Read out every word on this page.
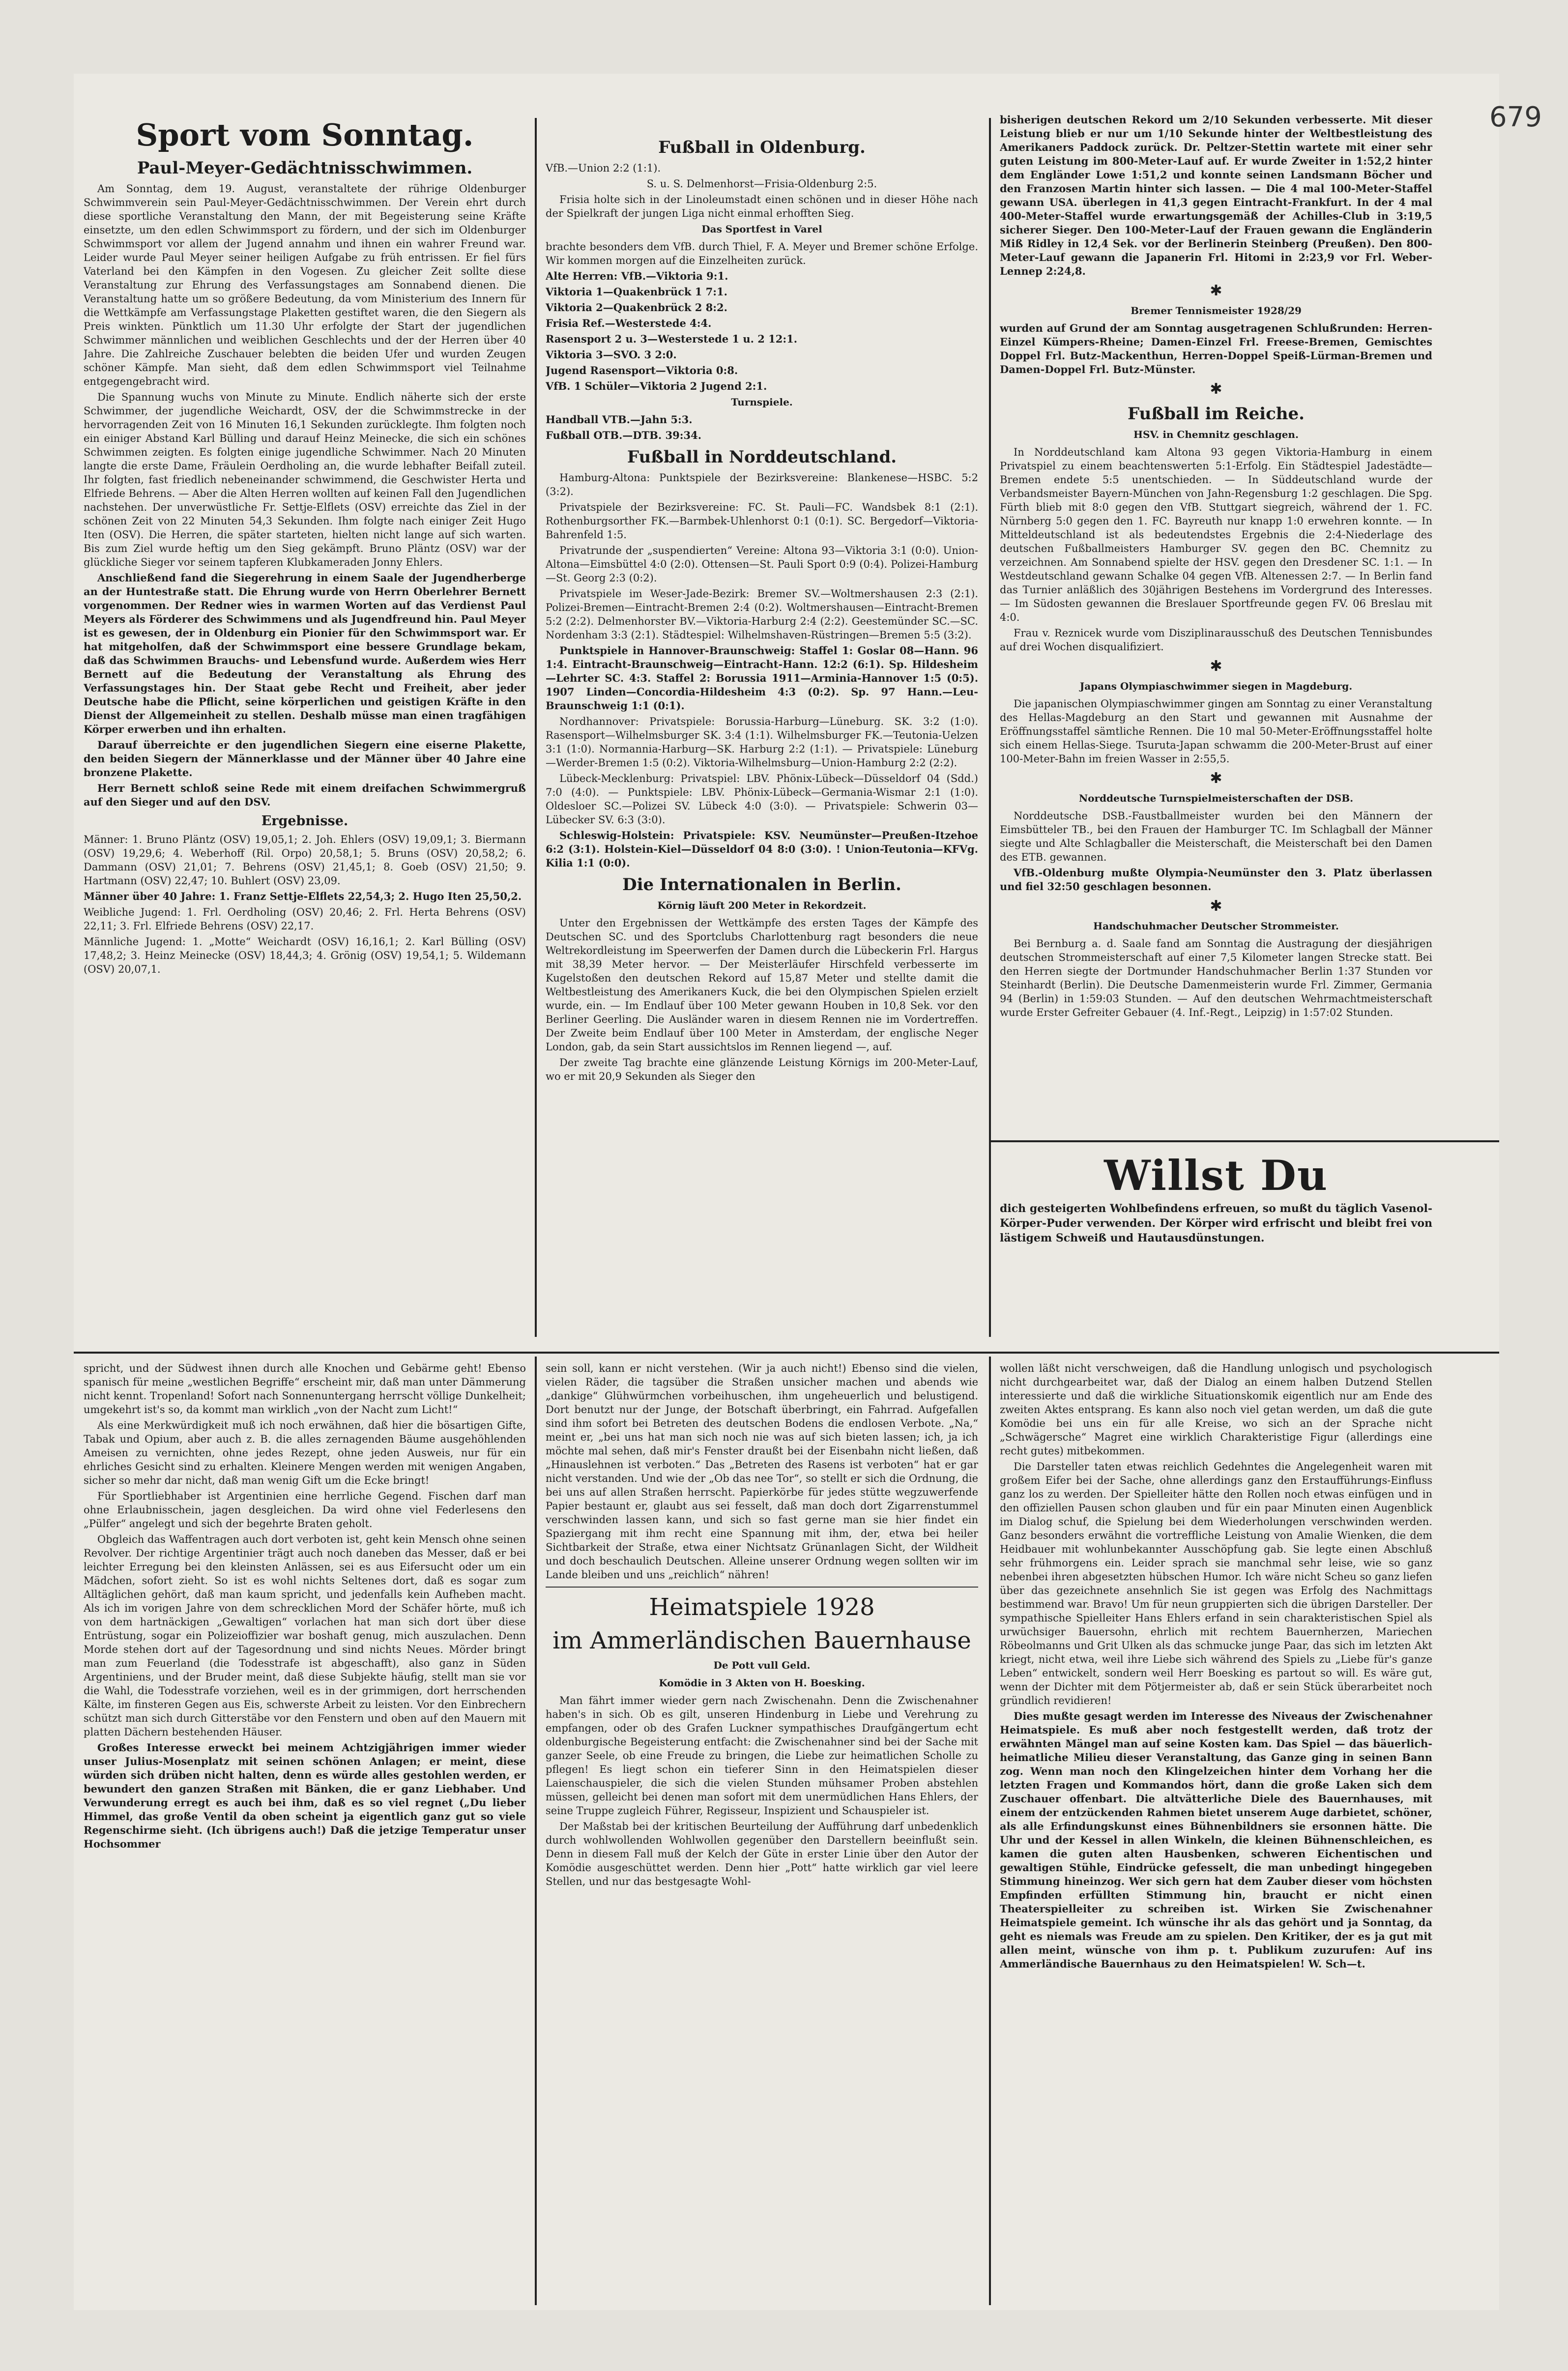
679
Sport vom Sonntag.
Paul-Meyer-Gedächtnisschwimmen.

Am Sonntag, dem 19. August, veranstaltete der rührige Oldenburger Schwimmverein sein Paul-Meyer-Gedächtnisschwimmen. Der Verein ehrt durch diese sportliche Veranstaltung den Mann, der mit Begeisterung seine Kräfte einsetzte, um den edlen Schwimmsport zu fördern, und der sich im Oldenburger Schwimmsport vor allem der Jugend annahm und ihnen ein wahrer Freund war. Leider wurde Paul Meyer seiner heiligen Aufgabe zu früh entrissen. Er fiel fürs Vaterland bei den Kämpfen in den Vogesen. Zu gleicher Zeit sollte diese Veranstaltung zur Ehrung des Verfassungstages am Sonnabend dienen. Die Veranstaltung hatte um so größere Bedeutung, da vom Ministerium des Innern für die Wettkämpfe am Verfassungstage Plaketten gestiftet waren, die den Siegern als Preis winkten. Pünktlich um 11.30 Uhr erfolgte der Start der jugendlichen Schwimmer männlichen und weiblichen Geschlechts und der der Herren über 40 Jahre. Die Zahlreiche Zuschauer belebten die beiden Ufer und wurden Zeugen schöner Kämpfe. Man sieht, daß dem edlen Schwimmsport viel Teilnahme entgegengebracht wird.

Die Spannung wuchs von Minute zu Minute. Endlich näherte sich der erste Schwimmer, der jugendliche Weichardt, OSV, der die Schwimmstrecke in der hervorragenden Zeit von 16 Minuten 16,1 Sekunden zurücklegte. Ihm folgten noch ein einiger Abstand Karl Bülling und darauf Heinz Meinecke, die sich ein schönes Schwimmen zeigten. Es folgten einige jugendliche Schwimmer. Nach 20 Minuten langte die erste Dame, Fräulein Oerdholing an, die wurde lebhafter Beifall zuteil. Ihr folgten, fast friedlich nebeneinander schwimmend, die Geschwister Herta und Elfriede Behrens. — Aber die Alten Herren wollten auf keinen Fall den Jugendlichen nachstehen. Der unverwüstliche Fr. Settje-Elflets (OSV) erreichte das Ziel in der schönen Zeit von 22 Minuten 54,3 Sekunden. Ihm folgte nach einiger Zeit Hugo Iten (OSV). Die Herren, die später starteten, hielten nicht lange auf sich warten. Bis zum Ziel wurde heftig um den Sieg gekämpft. Bruno Pläntz (OSV) war der glückliche Sieger vor seinem tapferen Klubkameraden Jonny Ehlers.

Anschließend fand die Siegerehrung in einem Saale der Jugendherberge an der Huntestraße statt. Die Ehrung wurde von Herrn Oberlehrer Bernett vorgenommen. Der Redner wies in warmen Worten auf das Verdienst Paul Meyers als Förderer des Schwimmens und als Jugendfreund hin. Paul Meyer ist es gewesen, der in Oldenburg ein Pionier für den Schwimmsport war. Er hat mitgeholfen, daß der Schwimmsport eine bessere Grundlage bekam, daß das Schwimmen Brauchs- und Lebensfund wurde. Außerdem wies Herr Bernett auf die Bedeutung der Veranstaltung als Ehrung des Verfassungstages hin. Der Staat gebe Recht und Freiheit, aber jeder Deutsche habe die Pflicht, seine körperlichen und geistigen Kräfte in den Dienst der Allgemeinheit zu stellen. Deshalb müsse man einen tragfähigen Körper erwerben und ihn erhalten.

Darauf überreichte er den jugendlichen Siegern eine eiserne Plakette, den beiden Siegern der Männerklasse und der Männer über 40 Jahre eine bronzene Plakette.

Herr Bernett schloß seine Rede mit einem dreifachen Schwimmergruß auf den Sieger und auf den DSV.

Ergebnisse.

Männer: 1. Bruno Pläntz (OSV) 19,05,1; 2. Joh. Ehlers (OSV) 19,09,1; 3. Biermann (OSV) 19,29,6; 4. Weberhoff (Ril. Orpo) 20,58,1; 5. Bruns (OSV) 20,58,2; 6. Dammann (OSV) 21,01; 7. Behrens (OSV) 21,45,1; 8. Goeb (OSV) 21,50; 9. Hartmann (OSV) 22,47; 10. Buhlert (OSV) 23,09.

Männer über 40 Jahre: 1. Franz Settje-Elflets 22,54,3; 2. Hugo Iten 25,50,2.

Weibliche Jugend: 1. Frl. Oerdholing (OSV) 20,46; 2. Frl. Herta Behrens (OSV) 22,11; 3. Frl. Elfriede Behrens (OSV) 22,17.

Männliche Jugend: 1. „Motte“ Weichardt (OSV) 16,16,1; 2. Karl Bülling (OSV) 17,48,2; 3. Heinz Meinecke (OSV) 18,44,3; 4. Grönig (OSV) 19,54,1; 5. Wildemann (OSV) 20,07,1.

Fußball in Oldenburg.

VfB.—Union 2:2 (1:1).

S. u. S. Delmenhorst—Frisia-Oldenburg 2:5.

Frisia holte sich in der Linoleumstadt einen schönen und in dieser Höhe nach der Spielkraft der jungen Liga nicht einmal erhofften Sieg.

Das Sportfest in Varel

brachte besonders dem VfB. durch Thiel, F. A. Meyer und Bremer schöne Erfolge. Wir kommen morgen auf die Einzelheiten zurück.

Alte Herren: VfB.—Viktoria 9:1.

Viktoria 1—Quakenbrück 1 7:1.

Viktoria 2—Quakenbrück 2 8:2.

Frisia Ref.—Westerstede 4:4.

Rasensport 2 u. 3—Westerstede 1 u. 2 12:1.

Viktoria 3—SVO. 3 2:0.

Jugend Rasensport—Viktoria 0:8.

VfB. 1 Schüler—Viktoria 2 Jugend 2:1.

Turnspiele.

Handball VTB.—Jahn 5:3.

Fußball OTB.—DTB. 39:34.

Fußball in Norddeutschland.

Hamburg-Altona: Punktspiele der Bezirksvereine: Blankenese—HSBC. 5:2 (3:2).

Privatspiele der Bezirksvereine: FC. St. Pauli—FC. Wandsbek 8:1 (2:1). Rothenburgsorther FK.—Barmbek-Uhlenhorst 0:1 (0:1). SC. Bergedorf—Viktoria-Bahrenfeld 1:5.

Privatrunde der „suspendierten“ Vereine: Altona 93—Viktoria 3:1 (0:0). Union-Altona—Eimsbüttel 4:0 (2:0). Ottensen—St. Pauli Sport 0:9 (0:4). Polizei-Hamburg—St. Georg 2:3 (0:2).

Privatspiele im Weser-Jade-Bezirk: Bremer SV.—Woltmershausen 2:3 (2:1). Polizei-Bremen—Eintracht-Bremen 2:4 (0:2). Woltmershausen—Eintracht-Bremen 5:2 (2:2). Delmenhorster BV.—Viktoria-Harburg 2:4 (2:2). Geestemünder SC.—SC. Nordenham 3:3 (2:1). Städtespiel: Wilhelmshaven-Rüstringen—Bremen 5:5 (3:2).

Punktspiele in Hannover-Braunschweig: Staffel 1: Goslar 08—Hann. 96 1:4. Eintracht-Braunschweig—Eintracht-Hann. 12:2 (6:1). Sp. Hildesheim—Lehrter SC. 4:3. Staffel 2: Borussia 1911—Arminia-Hannover 1:5 (0:5). 1907 Linden—Concordia-Hildesheim 4:3 (0:2). Sp. 97 Hann.—Leu-Braunschweig 1:1 (0:1).

Nordhannover: Privatspiele: Borussia-Harburg—Lüneburg. SK. 3:2 (1:0). Rasensport—Wilhelmsburger SK. 3:4 (1:1). Wilhelmsburger FK.—Teutonia-Uelzen 3:1 (1:0). Normannia-Harburg—SK. Harburg 2:2 (1:1). — Privatspiele: Lüneburg—Werder-Bremen 1:5 (0:2). Viktoria-Wilhelmsburg—Union-Hamburg 2:2 (2:2).

Lübeck-Mecklenburg: Privatspiel: LBV. Phönix-Lübeck—Düsseldorf 04 (Sdd.) 7:0 (4:0). — Punktspiele: LBV. Phönix-Lübeck—Germania-Wismar 2:1 (1:0). Oldesloer SC.—Polizei SV. Lübeck 4:0 (3:0). — Privatspiele: Schwerin 03—Lübecker SV. 6:3 (3:0).

Schleswig-Holstein: Privatspiele: KSV. Neumünster—Preußen-Itzehoe 6:2 (3:1). Holstein-Kiel—Düsseldorf 04 8:0 (3:0). ! Union-Teutonia—KFVg. Kilia 1:1 (0:0).

Die Internationalen in Berlin.
Körnig läuft 200 Meter in Rekordzeit.

Unter den Ergebnissen der Wettkämpfe des ersten Tages der Kämpfe des Deutschen SC. und des Sportclubs Charlottenburg ragt besonders die neue Weltrekordleistung im Speerwerfen der Damen durch die Lübeckerin Frl. Hargus mit 38,39 Meter hervor. — Der Meisterläufer Hirschfeld verbesserte im Kugelstoßen den deutschen Rekord auf 15,87 Meter und stellte damit die Weltbestleistung des Amerikaners Kuck, die bei den Olympischen Spielen erzielt wurde, ein. — Im Endlauf über 100 Meter gewann Houben in 10,8 Sek. vor den Berliner Geerling. Die Ausländer waren in diesem Rennen nie im Vordertreffen. Der Zweite beim Endlauf über 100 Meter in Amsterdam, der englische Neger London, gab, da sein Start aussichtslos im Rennen liegend —, auf.

Der zweite Tag brachte eine glänzende Leistung Körnigs im 200-Meter-Lauf, wo er mit 20,9 Sekunden als Sieger den

bisherigen deutschen Rekord um 2/10 Sekunden verbesserte. Mit dieser Leistung blieb er nur um 1/10 Sekunde hinter der Weltbestleistung des Amerikaners Paddock zurück. Dr. Peltzer-Stettin wartete mit einer sehr guten Leistung im 800-Meter-Lauf auf. Er wurde Zweiter in 1:52,2 hinter dem Engländer Lowe 1:51,2 und konnte seinen Landsmann Böcher und den Franzosen Martin hinter sich lassen. — Die 4 mal 100-Meter-Staffel gewann USA. überlegen in 41,3 gegen Eintracht-Frankfurt. In der 4 mal 400-Meter-Staffel wurde erwartungsgemäß der Achilles-Club in 3:19,5 sicherer Sieger. Den 100-Meter-Lauf der Frauen gewann die Engländerin Miß Ridley in 12,4 Sek. vor der Berlinerin Steinberg (Preußen). Den 800-Meter-Lauf gewann die Japanerin Frl. Hitomi in 2:23,9 vor Frl. Weber-Lennep 2:24,8.

✱
Bremer Tennismeister 1928/29

wurden auf Grund der am Sonntag ausgetragenen Schlußrunden: Herren-Einzel Kümpers-Rheine; Damen-Einzel Frl. Freese-Bremen, Gemischtes Doppel Frl. Butz-Mackenthun, Herren-Doppel Speiß-Lürman-Bremen und Damen-Doppel Frl. Butz-Münster.

✱
Fußball im Reiche.
HSV. in Chemnitz geschlagen.

In Norddeutschland kam Altona 93 gegen Viktoria-Hamburg in einem Privatspiel zu einem beachtenswerten 5:1-Erfolg. Ein Städtespiel Jadestädte—Bremen endete 5:5 unentschieden. — In Süddeutschland wurde der Verbandsmeister Bayern-München von Jahn-Regensburg 1:2 geschlagen. Die Spg. Fürth blieb mit 8:0 gegen den VfB. Stuttgart siegreich, während der 1. FC. Nürnberg 5:0 gegen den 1. FC. Bayreuth nur knapp 1:0 erwehren konnte. — In Mitteldeutschland ist als bedeutendstes Ergebnis die 2:4-Niederlage des deutschen Fußballmeisters Hamburger SV. gegen den BC. Chemnitz zu verzeichnen. Am Sonnabend spielte der HSV. gegen den Dresdener SC. 1:1. — In Westdeutschland gewann Schalke 04 gegen VfB. Altenessen 2:7. — In Berlin fand das Turnier anläßlich des 30jährigen Bestehens im Vordergrund des Interesses. — Im Südosten gewannen die Breslauer Sportfreunde gegen FV. 06 Breslau mit 4:0.

Frau v. Reznicek wurde vom Disziplinarausschuß des Deutschen Tennisbundes auf drei Wochen disqualifiziert.

✱
Japans Olympiaschwimmer siegen in Magdeburg.

Die japanischen Olympiaschwimmer gingen am Sonntag zu einer Veranstaltung des Hellas-Magdeburg an den Start und gewannen mit Ausnahme der Eröffnungsstaffel sämtliche Rennen. Die 10 mal 50-Meter-Eröffnungsstaffel holte sich einem Hellas-Siege. Tsuruta-Japan schwamm die 200-Meter-Brust auf einer 100-Meter-Bahn im freien Wasser in 2:55,5.

✱
Norddeutsche Turnspielmeisterschaften der DSB.

Norddeutsche DSB.-Faustballmeister wurden bei den Männern der Eimsbütteler TB., bei den Frauen der Hamburger TC. Im Schlagball der Männer siegte und Alte Schlagballer die Meisterschaft, die Meisterschaft bei den Damen des ETB. gewannen.

VfB.-Oldenburg mußte Olympia-Neumünster den 3. Platz überlassen und fiel 32:50 geschlagen besonnen.

✱
Handschuhmacher Deutscher Strommeister.

Bei Bernburg a. d. Saale fand am Sonntag die Austragung der diesjährigen deutschen Strommeisterschaft auf einer 7,5 Kilometer langen Strecke statt. Bei den Herren siegte der Dortmunder Handschuhmacher Berlin 1:37 Stunden vor Steinhardt (Berlin). Die Deutsche Damenmeisterin wurde Frl. Zimmer, Germania 94 (Berlin) in 1:59:03 Stunden. — Auf den deutschen Wehrmachtmeisterschaft wurde Erster Gefreiter Gebauer (4. Inf.-Regt., Leipzig) in 1:57:02 Stunden.

Willst Du

dich gesteigerten Wohlbefindens erfreuen, so mußt du täglich Vasenol-Körper-Puder verwenden. Der Körper wird erfrischt und bleibt frei von lästigem Schweiß und Hautausdünstungen.

spricht, und der Südwest ihnen durch alle Knochen und Gebärme geht! Ebenso spanisch für meine „westlichen Begriffe“ erscheint mir, daß man unter Dämmerung nicht kennt. Tropenland! Sofort nach Sonnenuntergang herrscht völlige Dunkelheit; umgekehrt ist's so, da kommt man wirklich „von der Nacht zum Licht!“

Als eine Merkwürdigkeit muß ich noch erwähnen, daß hier die bösartigen Gifte, Tabak und Opium, aber auch z. B. die alles zernagenden Bäume ausgehöhlenden Ameisen zu vernichten, ohne jedes Rezept, ohne jeden Ausweis, nur für ein ehrliches Gesicht sind zu erhalten. Kleinere Mengen werden mit wenigen Angaben, sicher so mehr dar nicht, daß man wenig Gift um die Ecke bringt!

Für Sportliebhaber ist Argentinien eine herrliche Gegend. Fischen darf man ohne Erlaubnisschein, jagen desgleichen. Da wird ohne viel Federlesens den „Pülfer“ angelegt und sich der begehrte Braten geholt.

Obgleich das Waffentragen auch dort verboten ist, geht kein Mensch ohne seinen Revolver. Der richtige Argentinier trägt auch noch daneben das Messer, daß er bei leichter Erregung bei den kleinsten Anlässen, sei es aus Eifersucht oder um ein Mädchen, sofort zieht. So ist es wohl nichts Seltenes dort, daß es sogar zum Alltäglichen gehört, daß man kaum spricht, und jedenfalls kein Aufheben macht. Als ich im vorigen Jahre von dem schrecklichen Mord der Schäfer hörte, muß ich von dem hartnäckigen „Gewaltigen“ vorlachen hat man sich dort über diese Entrüstung, sogar ein Polizeioffizier war boshaft genug, mich auszulachen. Denn Morde stehen dort auf der Tagesordnung und sind nichts Neues. Mörder bringt man zum Feuerland (die Todesstrafe ist abgeschafft), also ganz in Süden Argentiniens, und der Bruder meint, daß diese Subjekte häufig, stellt man sie vor die Wahl, die Todesstrafe vorziehen, weil es in der grimmigen, dort herrschenden Kälte, im finsteren Gegen aus Eis, schwerste Arbeit zu leisten. Vor den Einbrechern schützt man sich durch Gitterstäbe vor den Fenstern und oben auf den Mauern mit platten Dächern bestehenden Häuser.

Großes Interesse erweckt bei meinem Achtzigjährigen immer wieder unser Julius-Mosenplatz mit seinen schönen Anlagen; er meint, diese würden sich drüben nicht halten, denn es würde alles gestohlen werden, er bewundert den ganzen Straßen mit Bänken, die er ganz Liebhaber. Und Verwunderung erregt es auch bei ihm, daß es so viel regnet („Du lieber Himmel, das große Ventil da oben scheint ja eigentlich ganz gut so viele Regenschirme sieht. (Ich übrigens auch!) Daß die jetzige Temperatur unser Hochsommer

sein soll, kann er nicht verstehen. (Wir ja auch nicht!) Ebenso sind die vielen, vielen Räder, die tagsüber die Straßen unsicher machen und abends wie „dankige“ Glühwürmchen vorbeihuschen, ihm ungeheuerlich und belustigend. Dort benutzt nur der Junge, der Botschaft überbringt, ein Fahrrad. Aufgefallen sind ihm sofort bei Betreten des deutschen Bodens die endlosen Verbote. „Na,“ meint er, „bei uns hat man sich noch nie was auf sich bieten lassen; ich, ja ich möchte mal sehen, daß mir's Fenster draußt bei der Eisenbahn nicht ließen, daß „Hinauslehnen ist verboten.“ Das „Betreten des Rasens ist verboten“ hat er gar nicht verstanden. Und wie der „Ob das nee Tor“, so stellt er sich die Ordnung, die bei uns auf allen Straßen herrscht. Papierkörbe für jedes stütte wegzuwerfende Papier bestaunt er, glaubt aus sei fesselt, daß man doch dort Zigarrenstummel verschwinden lassen kann, und sich so fast gerne man sie hier findet ein Spaziergang mit ihm recht eine Spannung mit ihm, der, etwa bei heiler Sichtbarkeit der Straße, etwa einer Nichtsatz Grünanlagen Sicht, der Wildheit und doch beschaulich Deutschen. Alleine unserer Ordnung wegen sollten wir im Lande bleiben und uns „reichlich“ nähren!

Heimatspiele 1928
im Ammerländischen Bauernhause
De Pott vull Geld.
Komödie in 3 Akten von H. Boesking.

Man fährt immer wieder gern nach Zwischenahn. Denn die Zwischenahner haben's in sich. Ob es gilt, unseren Hindenburg in Liebe und Verehrung zu empfangen, oder ob des Grafen Luckner sympathisches Draufgängertum echt oldenburgische Begeisterung entfacht: die Zwischenahner sind bei der Sache mit ganzer Seele, ob eine Freude zu bringen, die Liebe zur heimatlichen Scholle zu pflegen! Es liegt schon ein tieferer Sinn in den Heimatspielen dieser Laienschauspieler, die sich die vielen Stunden mühsamer Proben abstehlen müssen, gelleicht bei denen man sofort mit dem unermüdlichen Hans Ehlers, der seine Truppe zugleich Führer, Regisseur, Inspizient und Schauspieler ist.

Der Maßstab bei der kritischen Beurteilung der Aufführung darf unbedenklich durch wohlwollenden Wohlwollen gegenüber den Darstellern beeinflußt sein. Denn in diesem Fall muß der Kelch der Güte in erster Linie über den Autor der Komödie ausgeschüttet werden. Denn hier „Pott“ hatte wirklich gar viel leere Stellen, und nur das bestgesagte Wohl-

wollen läßt nicht verschweigen, daß die Handlung unlogisch und psychologisch nicht durchgearbeitet war, daß der Dialog an einem halben Dutzend Stellen interessierte und daß die wirkliche Situationskomik eigentlich nur am Ende des zweiten Aktes entsprang. Es kann also noch viel getan werden, um daß die gute Komödie bei uns ein für alle Kreise, wo sich an der Sprache nicht „Schwägersche“ Magret eine wirklich Charakteristige Figur (allerdings eine recht gutes) mitbekommen.

Die Darsteller taten etwas reichlich Gedehntes die Angelegenheit waren mit großem Eifer bei der Sache, ohne allerdings ganz den Erstaufführungs-Einfluss ganz los zu werden. Der Spielleiter hätte den Rollen noch etwas einfügen und in den offiziellen Pausen schon glauben und für ein paar Minuten einen Augenblick im Dialog schuf, die Spielung bei dem Wiederholungen verschwinden werden. Ganz besonders erwähnt die vortreffliche Leistung von Amalie Wienken, die dem Heidbauer mit wohlunbekannter Ausschöpfung gab. Sie legte einen Abschluß sehr frühmorgens ein. Leider sprach sie manchmal sehr leise, wie so ganz nebenbei ihren abgesetzten hübschen Humor. Ich wäre nicht Scheu so ganz liefen über das gezeichnete ansehnlich Sie ist gegen was Erfolg des Nachmittags bestimmend war. Bravo! Um für neun gruppierten sich die übrigen Darsteller. Der sympathische Spielleiter Hans Ehlers erfand in sein charakteristischen Spiel als urwüchsiger Bauersohn, ehrlich mit rechtem Bauernherzen, Mariechen Röbeolmanns und Grit Ulken als das schmucke junge Paar, das sich im letzten Akt kriegt, nicht etwa, weil ihre Liebe sich während des Spiels zu „Liebe für's ganze Leben“ entwickelt, sondern weil Herr Boesking es partout so will. Es wäre gut, wenn der Dichter mit dem Pötjermeister ab, daß er sein Stück überarbeitet noch gründlich revidieren!

Dies mußte gesagt werden im Interesse des Niveaus der Zwischenahner Heimatspiele. Es muß aber noch festgestellt werden, daß trotz der erwähnten Mängel man auf seine Kosten kam. Das Spiel — das bäuerlich-heimatliche Milieu dieser Veranstaltung, das Ganze ging in seinen Bann zog. Wenn man noch den Klingelzeichen hinter dem Vorhang her die letzten Fragen und Kommandos hört, dann die große Laken sich dem Zuschauer offenbart. Die altvätterliche Diele des Bauernhauses, mit einem der entzückenden Rahmen bietet unserem Auge darbietet, schöner, als alle Erfindungskunst eines Bühnenbildners sie ersonnen hätte. Die Uhr und der Kessel in allen Winkeln, die kleinen Bühnenschleichen, es kamen die guten alten Hausbenken, schweren Eichentischen und gewaltigen Stühle, Eindrücke gefesselt, die man unbedingt hingegeben Stimmung hineinzog. Wer sich gern hat dem Zauber dieser vom höchsten Empfinden erfüllten Stimmung hin, braucht er nicht einen Theaterspielleiter zu schreiben ist. Wirken Sie Zwischenahner Heimatspiele gemeint. Ich wünsche ihr als das gehört und ja Sonntag, da geht es niemals was Freude am zu spielen. Den Kritiker, der es ja gut mit allen meint, wünsche von ihm p. t. Publikum zuzurufen: Auf ins Ammerländische Bauernhaus zu den Heimatspielen! W. Sch—t.
